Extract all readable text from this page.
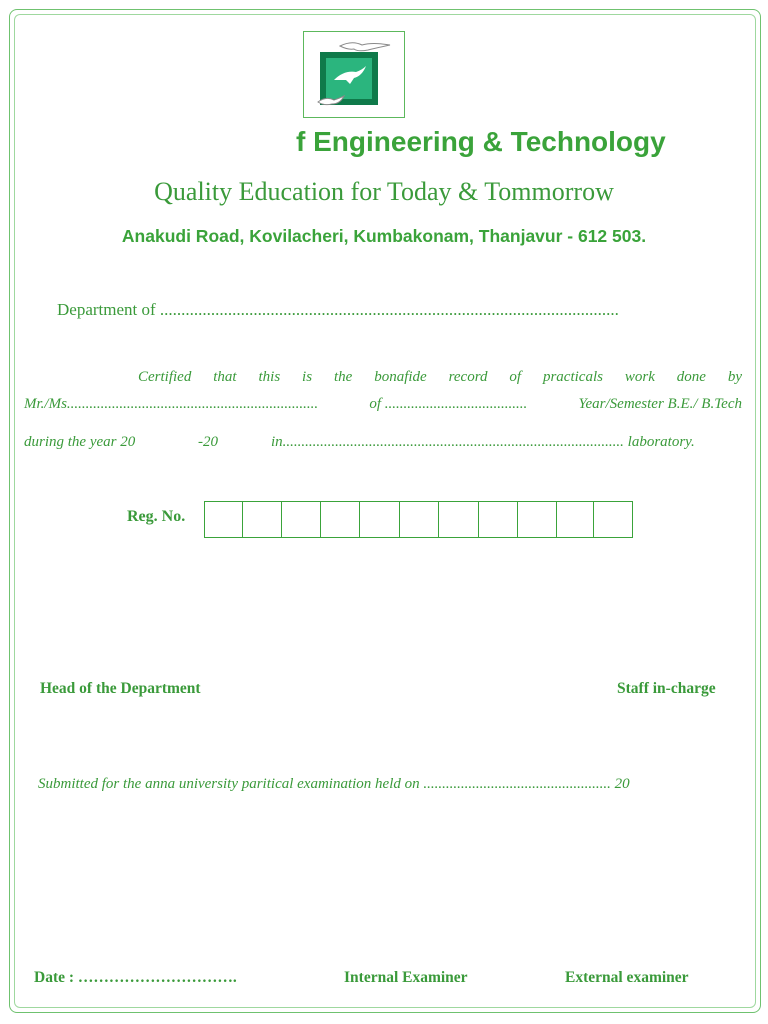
f Engineering & Technology
Quality Education for Today & Tommorrow
Anakudi Road, Kovilacheri, Kumbakonam, Thanjavur - 612 503.
Department of ............................................................................................................
Certified that this is the bonafide record of practicals work done by
Mr./Ms...................................................................	of ......................................	Year/Semester B.E./ B.Tech
during the year 20	-20	in........................................................................................... laboratory.
Reg. No.
Head of the Department	Staff in-charge
Submitted for the anna university paritical examination held on .................................................. 20
Date : ………………………….	Internal Examiner	External examiner
